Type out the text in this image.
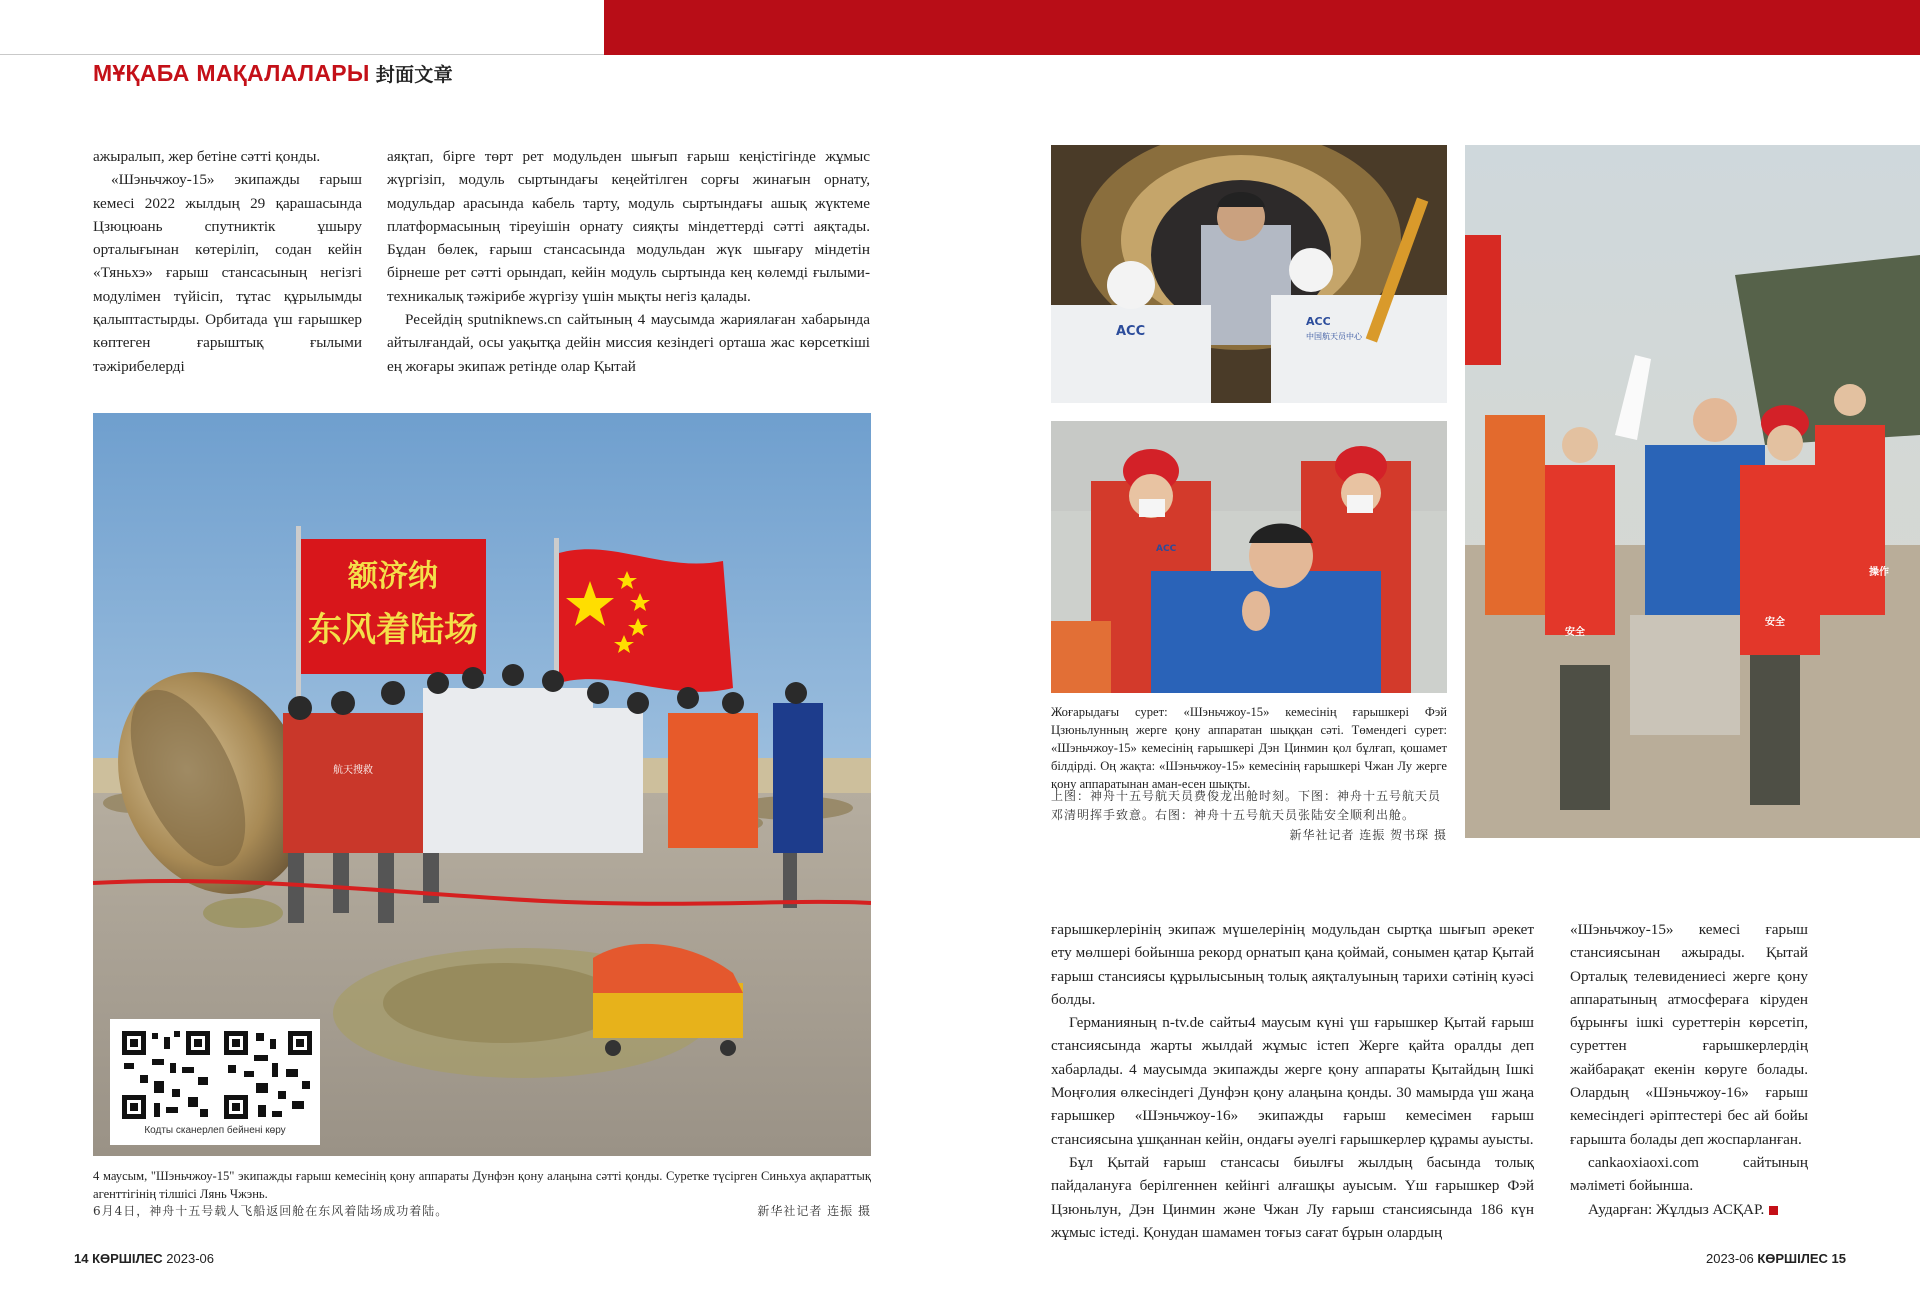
МҰҚАБА МАҚАЛАЛАРЫ 封面文章

ажыралып, жер бетіне сәтті қонды.

«Шэньчжоу-15» экипажды ғарыш кемесі 2022 жылдың 29 қарашасында Цзюцюань спутниктік ұшыру орталығынан көтеріліп, содан кейін «Тяньхэ» ғарыш стансасының негізгі модулімен түйісіп, тұтас құрылымды қалыптастырды. Орбитада үш ғарышкер көптеген ғарыштық ғылыми тәжірибелерді

аяқтап, бірге төрт рет модульден шығып ғарыш кеңістігінде жұмыс жүргізіп, модуль сыртындағы кеңейтілген сорғы жинағын орнату, модульдар арасында кабель тарту, модуль сыртындағы ашық жүктеме платформасының тіреуішін орнату сияқты міндеттерді сәтті аяқтады. Бұдан бөлек, ғарыш стансасында модульдан жүк шығару міндетін бірнеше рет сәтті орындап, кейін модуль сыртында кең көлемді ғылыми-техникалық тәжірибе жүргізу үшін мықты негіз қалады.

Ресейдің sputniknews.cn сайтының 4 маусымда жариялаған хабарында айтылғандай, осы уақытқа дейін миссия кезіндегі орташа жас көрсеткіші ең жоғары экипаж ретінде олар Қытай

额济纳
东风着陆场
航天搜救
Кодты сканерлеп бейнені көру
4 маусым, "Шэньчжоу-15" экипажды ғарыш кемесінің қону аппараты Дунфэн қону алаңына сәтті қонды. Суретке түсірген Синьхуа ақпараттық агенттігінің тілшісі Лянь Чжэнь.
6月4日，神舟十五号载人飞船返回舱在东风着陆场成功着陆。	新华社记者 连振 摄
ACC
ACC
中国航天员中心
ACC
Жоғарыдағы сурет: «Шэньчжоу-15» кемесінің ғарышкері Фэй Цзюньлунның жерге қону аппаратан шыққан сәті. Төмендегі сурет: «Шэньчжоу-15» кемесінің ғарышкері Дэн Цинмин қол бұлғап, қошамет білдірді. Оң жақта: «Шэньчжоу-15» кемесінің ғарышкері Чжан Лу жерге қону аппаратынан аман-есен шықты.
上图：神舟十五号航天员费俊龙出舱时刻。下图：神舟十五号航天员邓清明挥手致意。右图：神舟十五号航天员张陆安全顺利出舱。
新华社记者 连振 贺书琛 摄
安全
安全
操作

ғарышкерлерінің экипаж мүшелерінің модульдан сыртқа шығып әрекет ету мөлшері бойынша рекорд орнатып қана қоймай, сонымен қатар Қытай ғарыш стансиясы құрылысының толық аяқталуының тарихи сәтінің куәсі болды.

Германияның n-tv.de сайты4 маусым күні үш ғарышкер Қытай ғарыш стансиясында жарты жылдай жұмыс істеп Жерге қайта оралды деп хабарлады. 4 маусымда экипажды жерге қону аппараты Қытайдың Ішкі Моңғолия өлкесіндегі Дунфэн қону алаңына қонды. 30 мамырда үш жаңа ғарышкер «Шэньчжоу-16» экипажды ғарыш кемесімен ғарыш стансиясына ұшқаннан кейін, ондағы әуелгі ғарышкерлер құрамы ауысты.

Бұл Қытай ғарыш стансасы биылғы жылдың басында толық пайдалануға берілгеннен кейінгі алғашқы ауысым. Үш ғарышкер Фэй Цзюньлун, Дэн Цинмин және Чжан Лу ғарыш стансиясында 186 күн жұмыс істеді. Қонудан шамамен тоғыз сағат бұрын олардың

«Шэньчжоу-15» кемесі ғарыш стансиясынан ажырады. Қытай Орталық телевидениесі жерге қону аппаратының атмосфераға кіруден бұрынғы ішкі суреттерін көрсетіп, суреттен ғарышкерлердің жайбарақат екенін көруге болады. Олардың «Шэньчжоу-16» ғарыш кемесіндегі әріптестері бес ай бойы ғарышта болады деп жоспарланған.

cankaoxiaoxi.com сайтының мәліметі бойынша.

Аударған: Жұлдыз АСҚАР.

14 КӨРШІЛЕС 2023-06	2023-06 КӨРШІЛЕС 15
